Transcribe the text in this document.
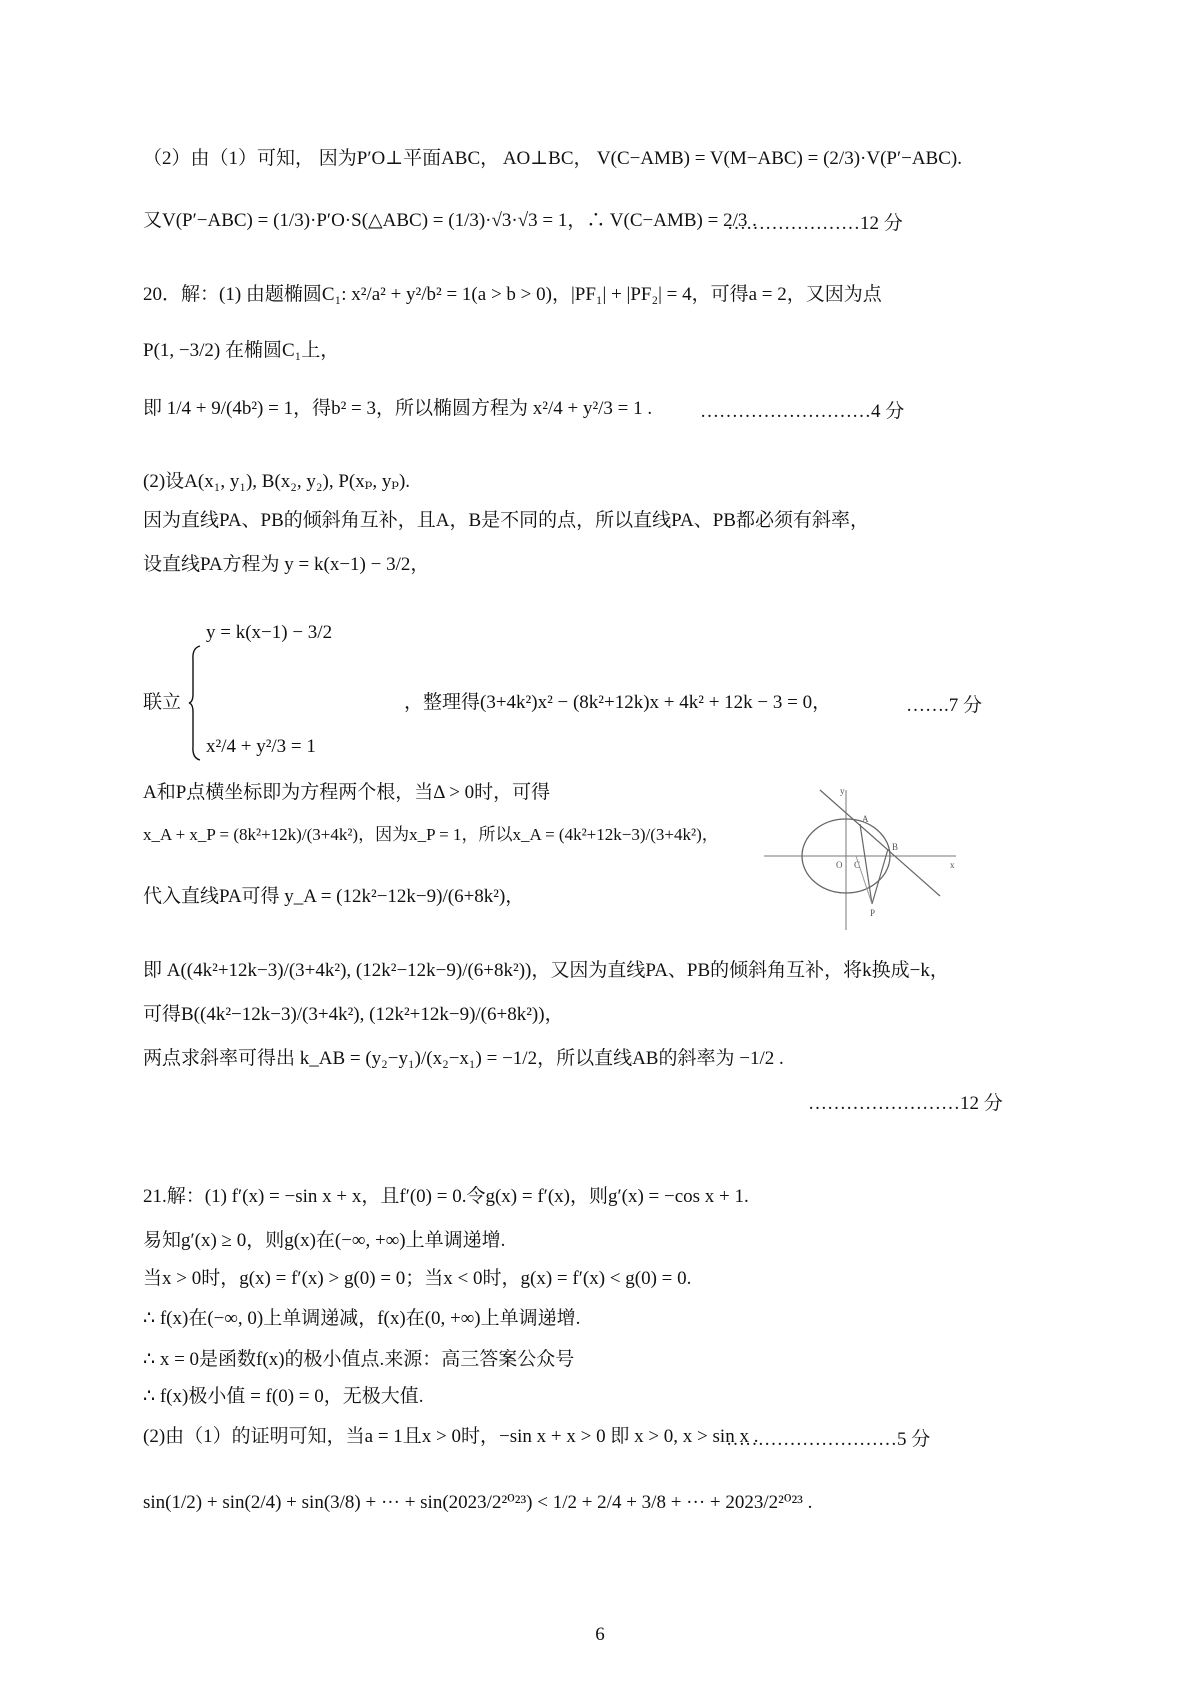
（2）由（1）可知， 因为P′O⊥平面ABC， AO⊥BC， V(C−AMB) = V(M−ABC) = (2/3)·V(P′−ABC).
又V(P′−ABC) = (1/3)·P′O·S(△ABC) = (1/3)·√3·√3 = 1，∴ V(C−AMB) = 2/3 .
…………………12 分
20．解：(1) 由题椭圆C₁: x²/a² + y²/b² = 1(a > b > 0)，|PF₁| + |PF₂| = 4，可得a = 2，又因为点
P(1, −3/2) 在椭圆C₁上，
即 1/4 + 9/(4b²) = 1，得b² = 3，所以椭圆方程为 x²/4 + y²/3 = 1 .	………………………4 分
(2)设A(x₁, y₁), B(x₂, y₂), P(xₚ, yₚ).
因为直线PA、PB的倾斜角互补，且A，B是不同的点，所以直线PA、PB都必须有斜率，
设直线PA方程为 y = k(x−1) − 3/2，
y = k(x−1) − 3/2
联立	，整理得(3+4k²)x² − (8k²+12k)x + 4k² + 12k − 3 = 0，
x²/4 + y²/3 = 1
…….7 分
A和P点横坐标即为方程两个根，当Δ > 0时，可得
x_A + x_P = (8k²+12k)/(3+4k²)，因为x_P = 1，所以x_A = (4k²+12k−3)/(3+4k²)，
代入直线PA可得 y_A = (12k²−12k−9)/(6+8k²)，
y
x
O
A
B
C
P
即 A((4k²+12k−3)/(3+4k²), (12k²−12k−9)/(6+8k²))，又因为直线PA、PB的倾斜角互补，将k换成−k，
可得B((4k²−12k−3)/(3+4k²), (12k²+12k−9)/(6+8k²))，
两点求斜率可得出 k_AB = (y₂−y₁)/(x₂−x₁) = −1/2，所以直线AB的斜率为 −1/2 .
……………………12 分
21.解：(1) f′(x) = −sin x + x，且f′(0) = 0.令g(x) = f′(x)，则g′(x) = −cos x + 1.
易知g′(x) ≥ 0，则g(x)在(−∞, +∞)上单调递增.
当x > 0时，g(x) = f′(x) > g(0) = 0；当x < 0时，g(x) = f′(x) < g(0) = 0.
∴ f(x)在(−∞, 0)上单调递减，f(x)在(0, +∞)上单调递增.
∴ x = 0是函数f(x)的极小值点.来源：高三答案公众号
∴ f(x)极小值 = f(0) = 0，无极大值.
(2)由（1）的证明可知，当a = 1且x > 0时，−sin x + x > 0 即 x > 0, x > sin x .
………………………5 分
sin(1/2) + sin(2/4) + sin(3/8) + ··· + sin(2023/2²⁰²³) < 1/2 + 2/4 + 3/8 + ··· + 2023/2²⁰²³ .
6
